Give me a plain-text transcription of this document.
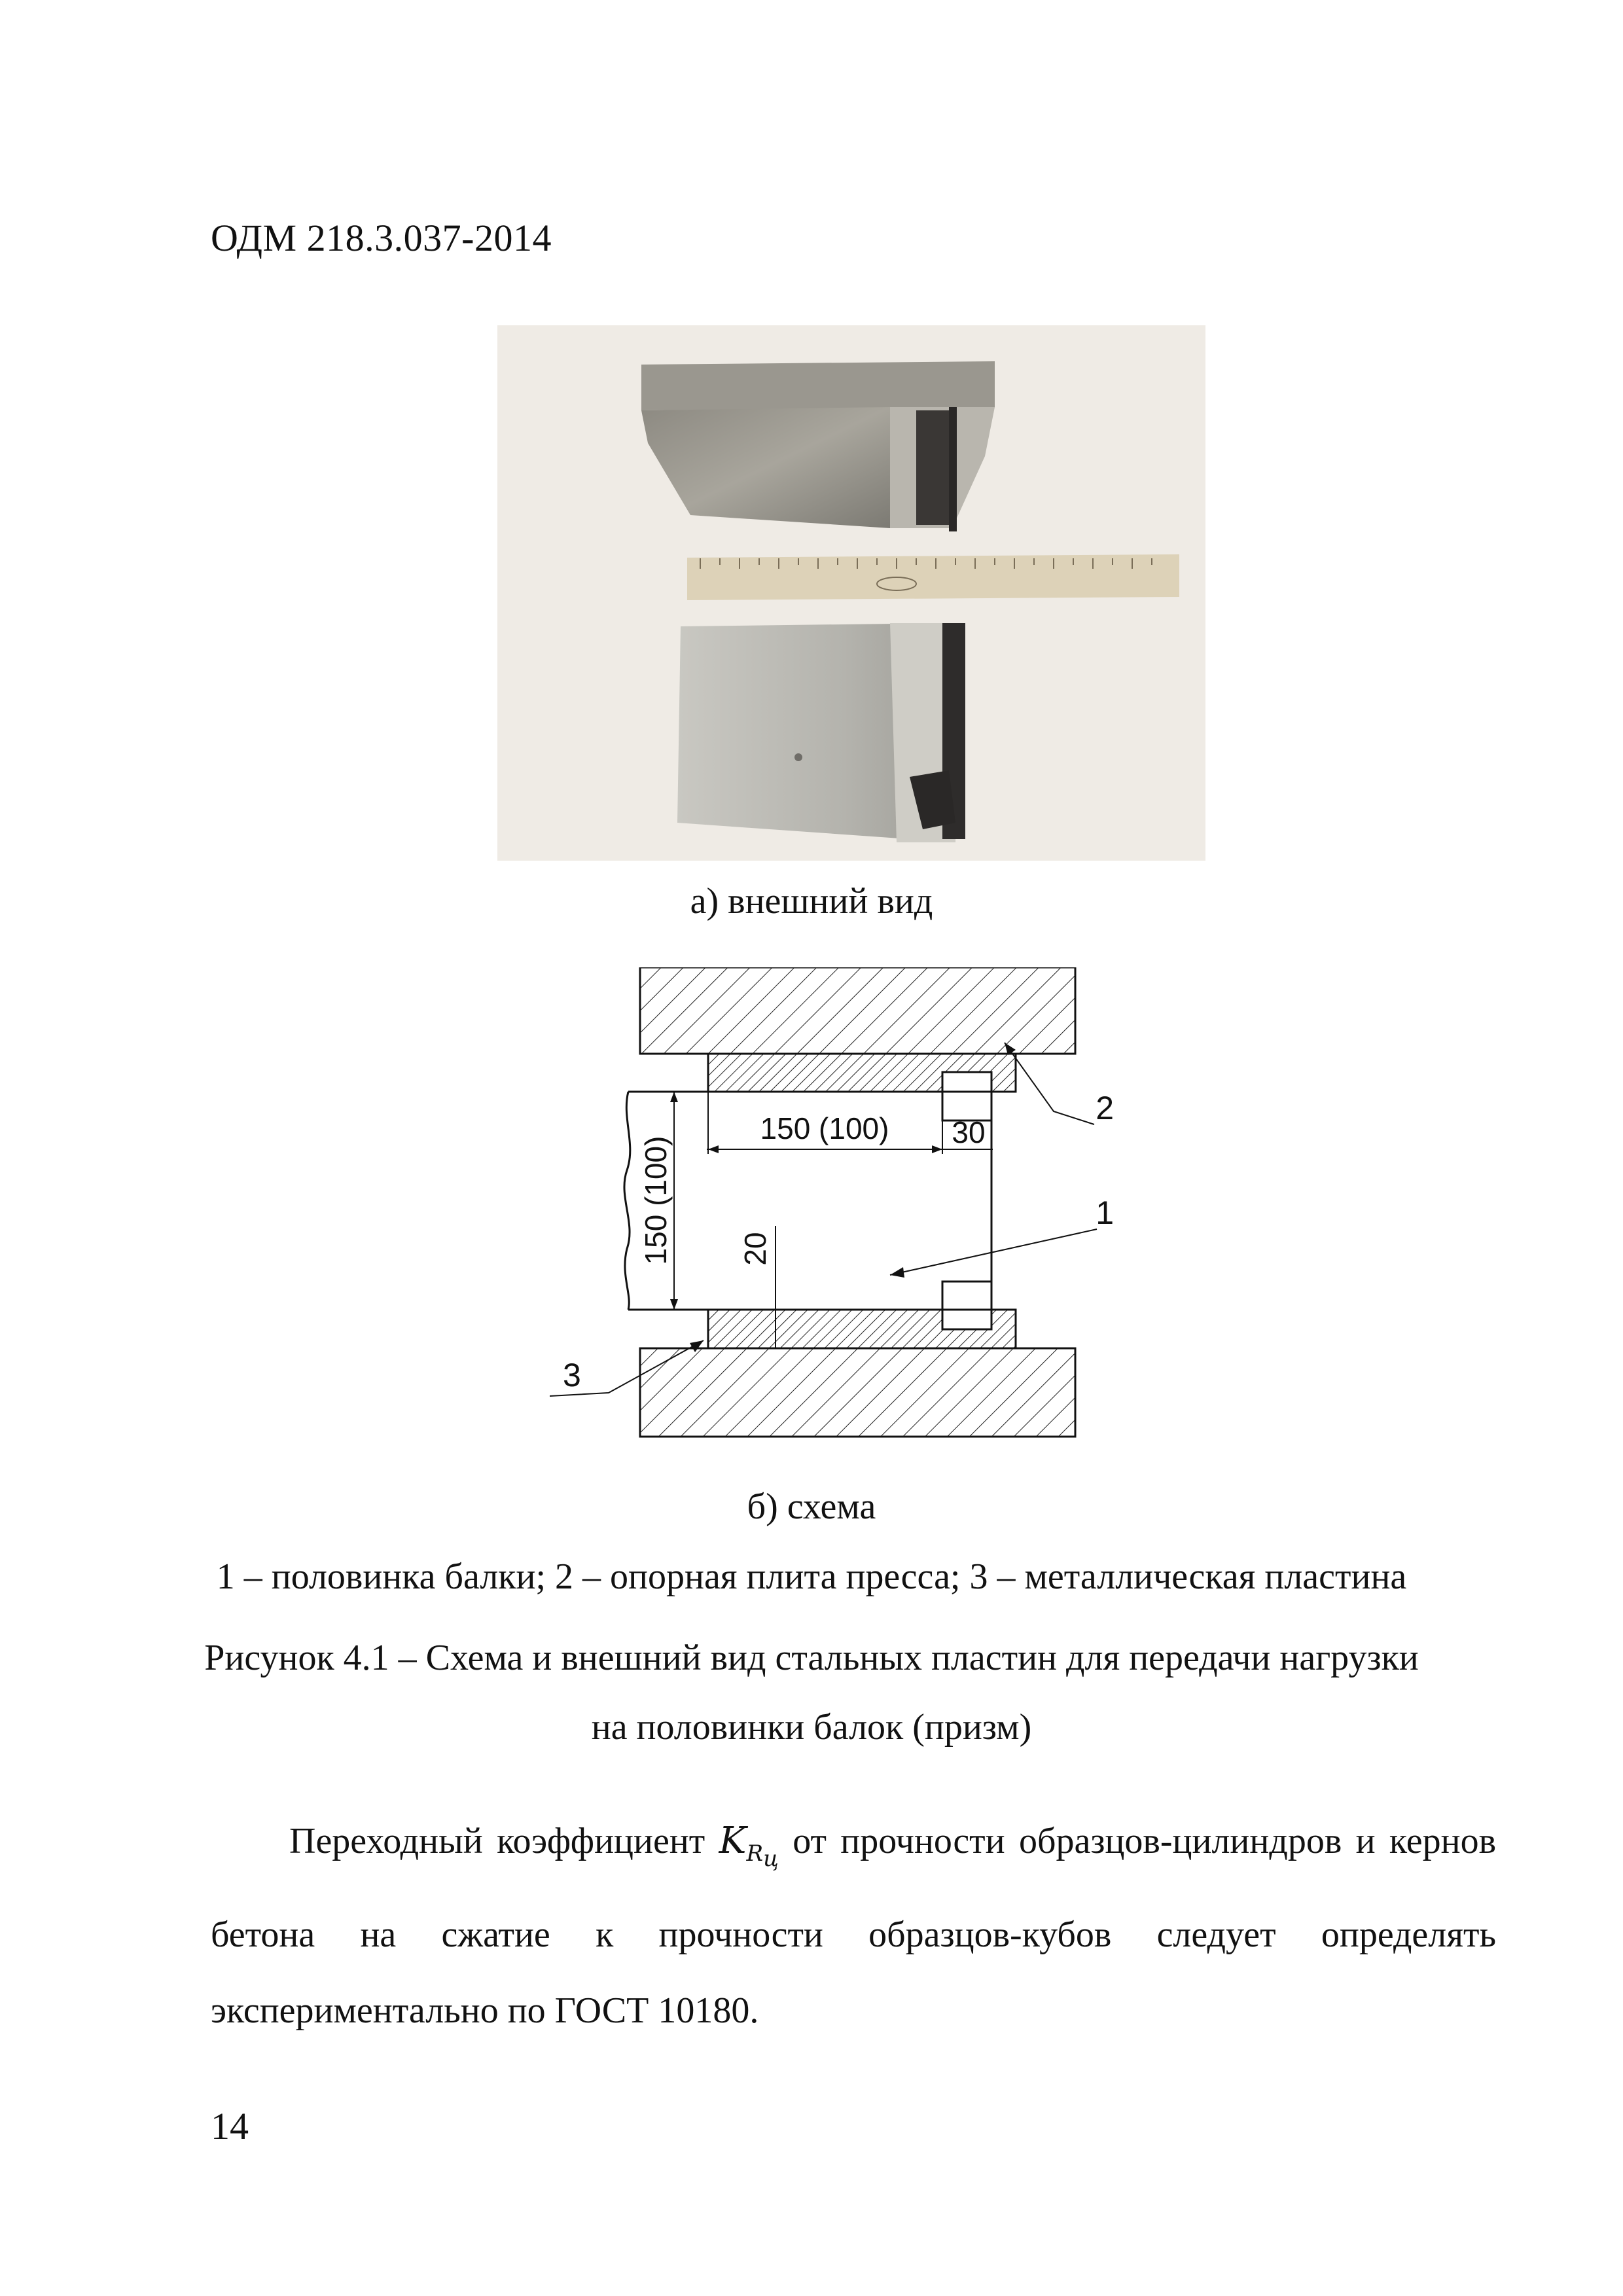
ОДМ 218.3.037-2014
а) внешний вид
150 (100) 30
150 (100) 20
1
2
3
б) схема
1 – половинка балки; 2 – опорная плита пресса; 3 – металлическая пластина
Рисунок 4.1 – Схема и внешний вид стальных пластин для передачи нагрузки
на половинки балок (призм)
Переходный коэффициент $K_{R_ц}$ от прочности образцов-цилиндров и кернов бетона на сжатие к прочности образцов-кубов следует определять экспериментально по ГОСТ 10180.
14
